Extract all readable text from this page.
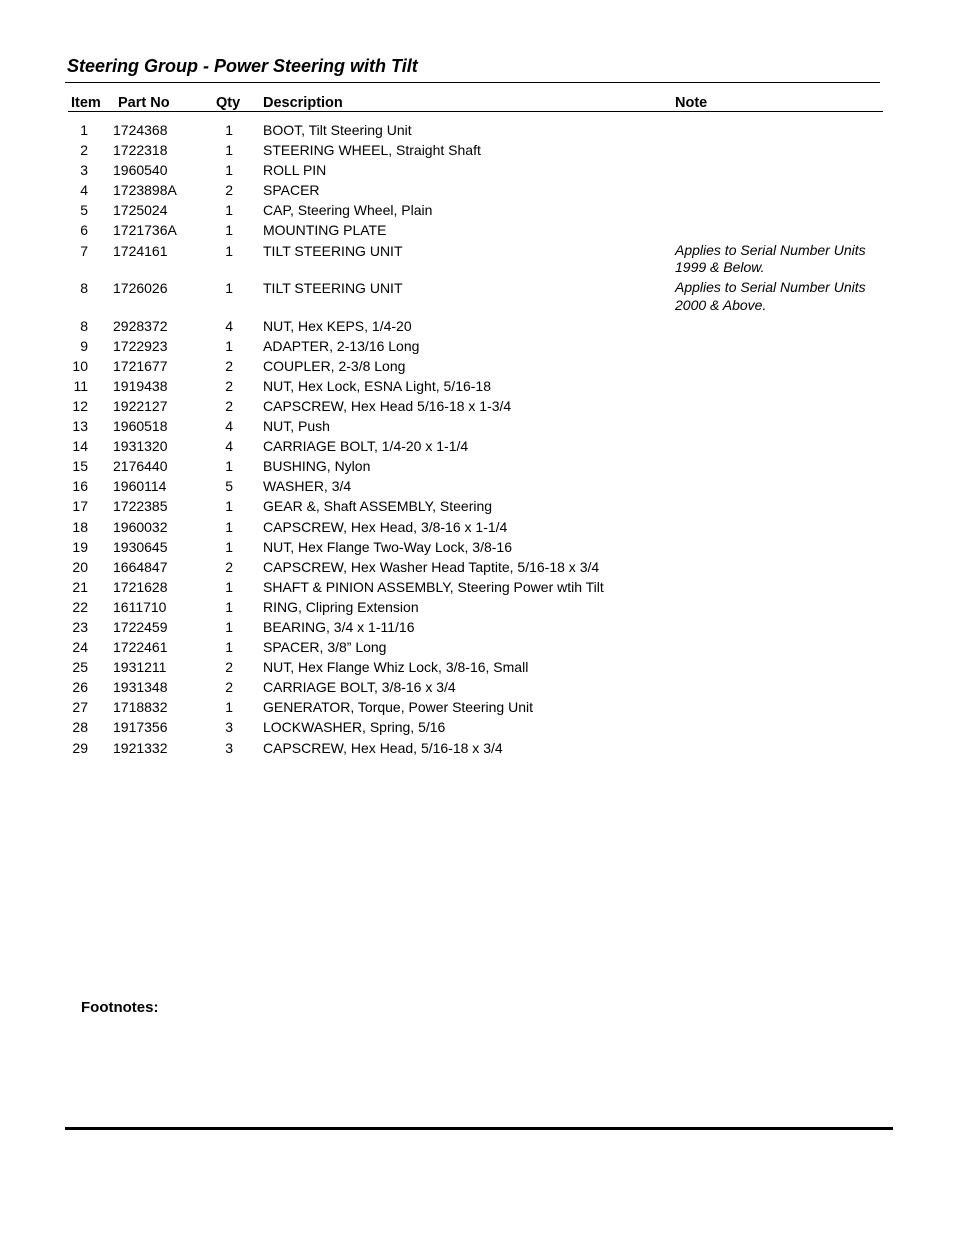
Steering Group - Power Steering with Tilt
Item Part No	Qty Description	Note
1 1724368	1 BOOT, Tilt Steering Unit
2 1722318	1 STEERING WHEEL, Straight Shaft
3 1960540	1 ROLL PIN
4 1723898A	2 SPACER
5 1725024	1 CAP, Steering Wheel, Plain
6 1721736A	1 MOUNTING PLATE
7 1724161	1 TILT STEERING UNIT	Applies to Serial Number Units
1999 & Below.
8 1726026	1 TILT STEERING UNIT	Applies to Serial Number Units
2000 & Above.
8 2928372	4 NUT, Hex KEPS, 1/4-20
9 1722923	1 ADAPTER, 2-13/16 Long
10 1721677	2 COUPLER, 2-3/8 Long
11 1919438	2 NUT, Hex Lock, ESNA Light, 5/16-18
12 1922127	2 CAPSCREW, Hex Head 5/16-18 x 1-3/4
13 1960518	4 NUT, Push
14 1931320	4 CARRIAGE BOLT, 1/4-20 x 1-1/4
15 2176440	1 BUSHING, Nylon
16 1960114	5 WASHER, 3/4
17 1722385	1 GEAR &, Shaft ASSEMBLY, Steering
18 1960032	1 CAPSCREW, Hex Head, 3/8-16 x 1-1/4
19 1930645	1 NUT, Hex Flange Two-Way Lock, 3/8-16
20 1664847	2 CAPSCREW, Hex Washer Head Taptite, 5/16-18 x 3/4
21 1721628	1 SHAFT & PINION ASSEMBLY, Steering Power wtih Tilt
22 1611710	1 RING, Clipring Extension
23 1722459	1 BEARING, 3/4 x 1-11/16
24 1722461	1 SPACER, 3/8” Long
25 1931211	2 NUT, Hex Flange Whiz Lock, 3/8-16, Small
26 1931348	2 CARRIAGE BOLT, 3/8-16 x 3/4
27 1718832	1 GENERATOR, Torque, Power Steering Unit
28 1917356	3 LOCKWASHER, Spring, 5/16
29 1921332	3 CAPSCREW, Hex Head, 5/16-18 x 3/4
Footnotes:
